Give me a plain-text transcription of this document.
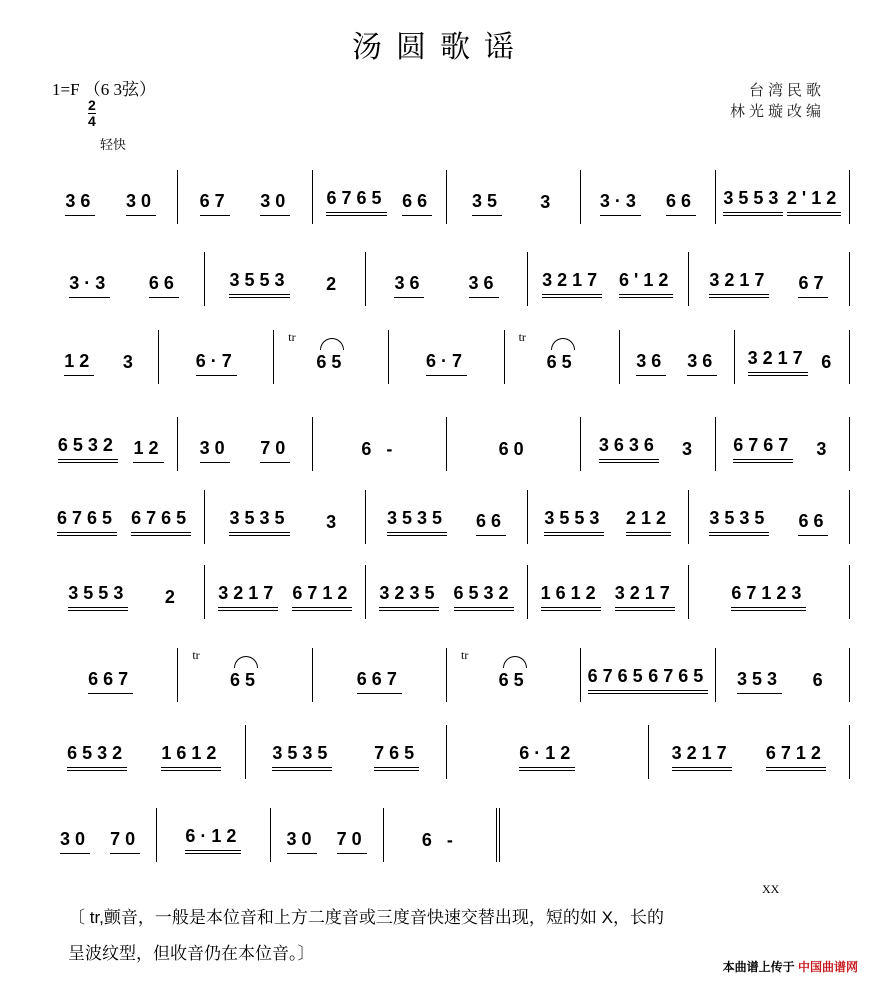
汤圆歌谣
1=F （6 3弦）
2
4
轻快
台湾民歌
林光璇改编
36 30 67 30 6765 66 35 3 3·3 66 3553 2'12
3·3 66	3553 2	36 36 3217 6'12 3217 67
12 3	6·7
tr
65	6·7
tr
65	36 36 3217 6
6532 12 30 70	6 -	60	3636 3 6767 3
6765 6765 3535 3	3535 66 3553 212 3535 66
3553 2 3217 6712 3235 6532 1612 3217	67123
667
tr
65	667
tr
65	6765 6765 353 6
6532 1612	3535 765	6·12	3217 6712
30 70	6·12	30 70	6 -
XX
〔 tr,颤音，一般是本位音和上方二度音或三度音快速交替出现，短的如 X，长的
呈波纹型，但收音仍在本位音。〕
本曲谱上传于 中国曲谱网
